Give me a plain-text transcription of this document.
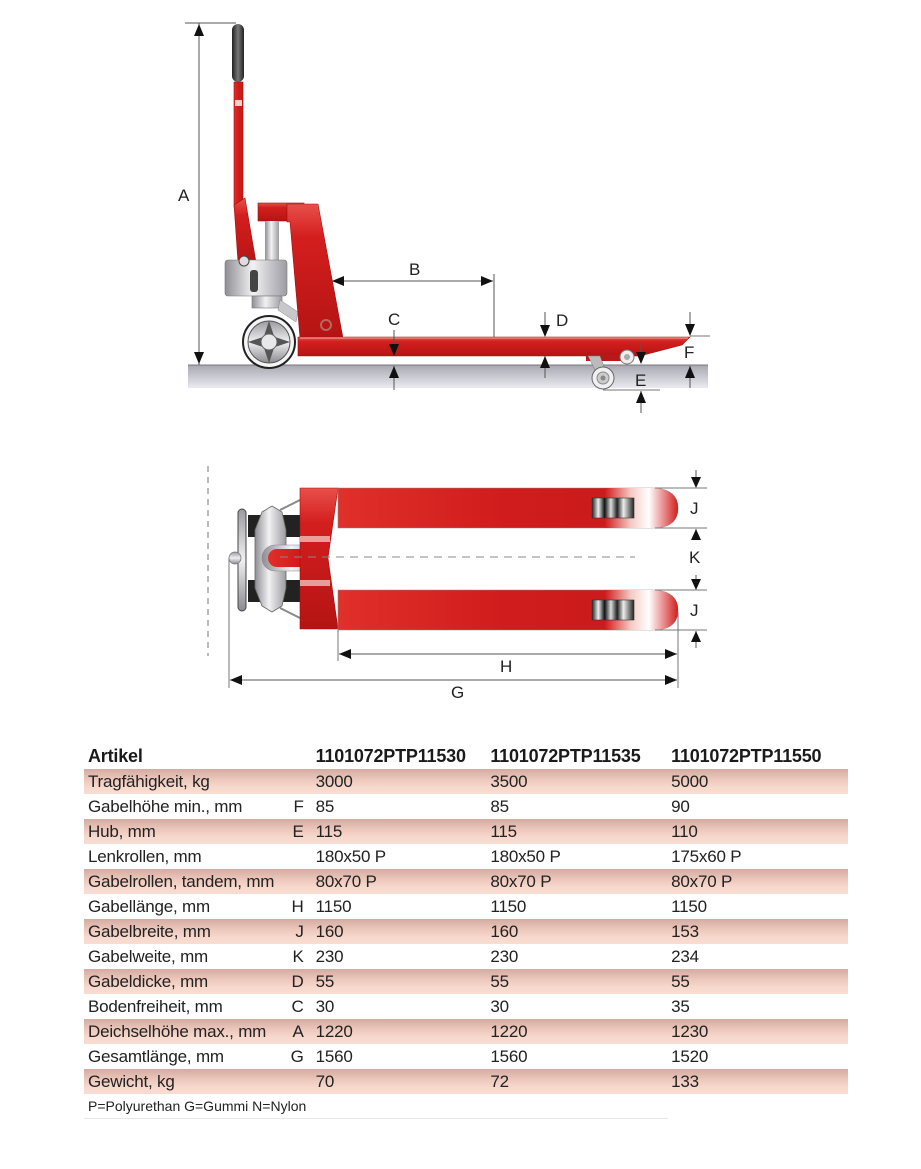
A
B
C	D
F
E
J
K
J
H
G
Artikel		1101072PTP11530	1101072PTP11535	1101072PTP11550
Tragfähigkeit, kg		3000	3500	5000
Gabelhöhe min., mm	F	85	85	90
Hub, mm	E	115	115	110
Lenkrollen, mm		180x50 P	180x50 P	175x60 P
Gabelrollen, tandem, mm		80x70 P	80x70 P	80x70 P
Gabellänge, mm	H	1150	1150	1150
Gabelbreite, mm	J	160	160	153
Gabelweite, mm	K	230	230	234
Gabeldicke, mm	D	55	55	55
Bodenfreiheit, mm	C	30	30	35
Deichselhöhe max., mm	A	1220	1220	1230
Gesamtlänge, mm	G	1560	1560	1520
Gewicht, kg		70	72	133
P=Polyurethan G=Gummi N=Nylon
